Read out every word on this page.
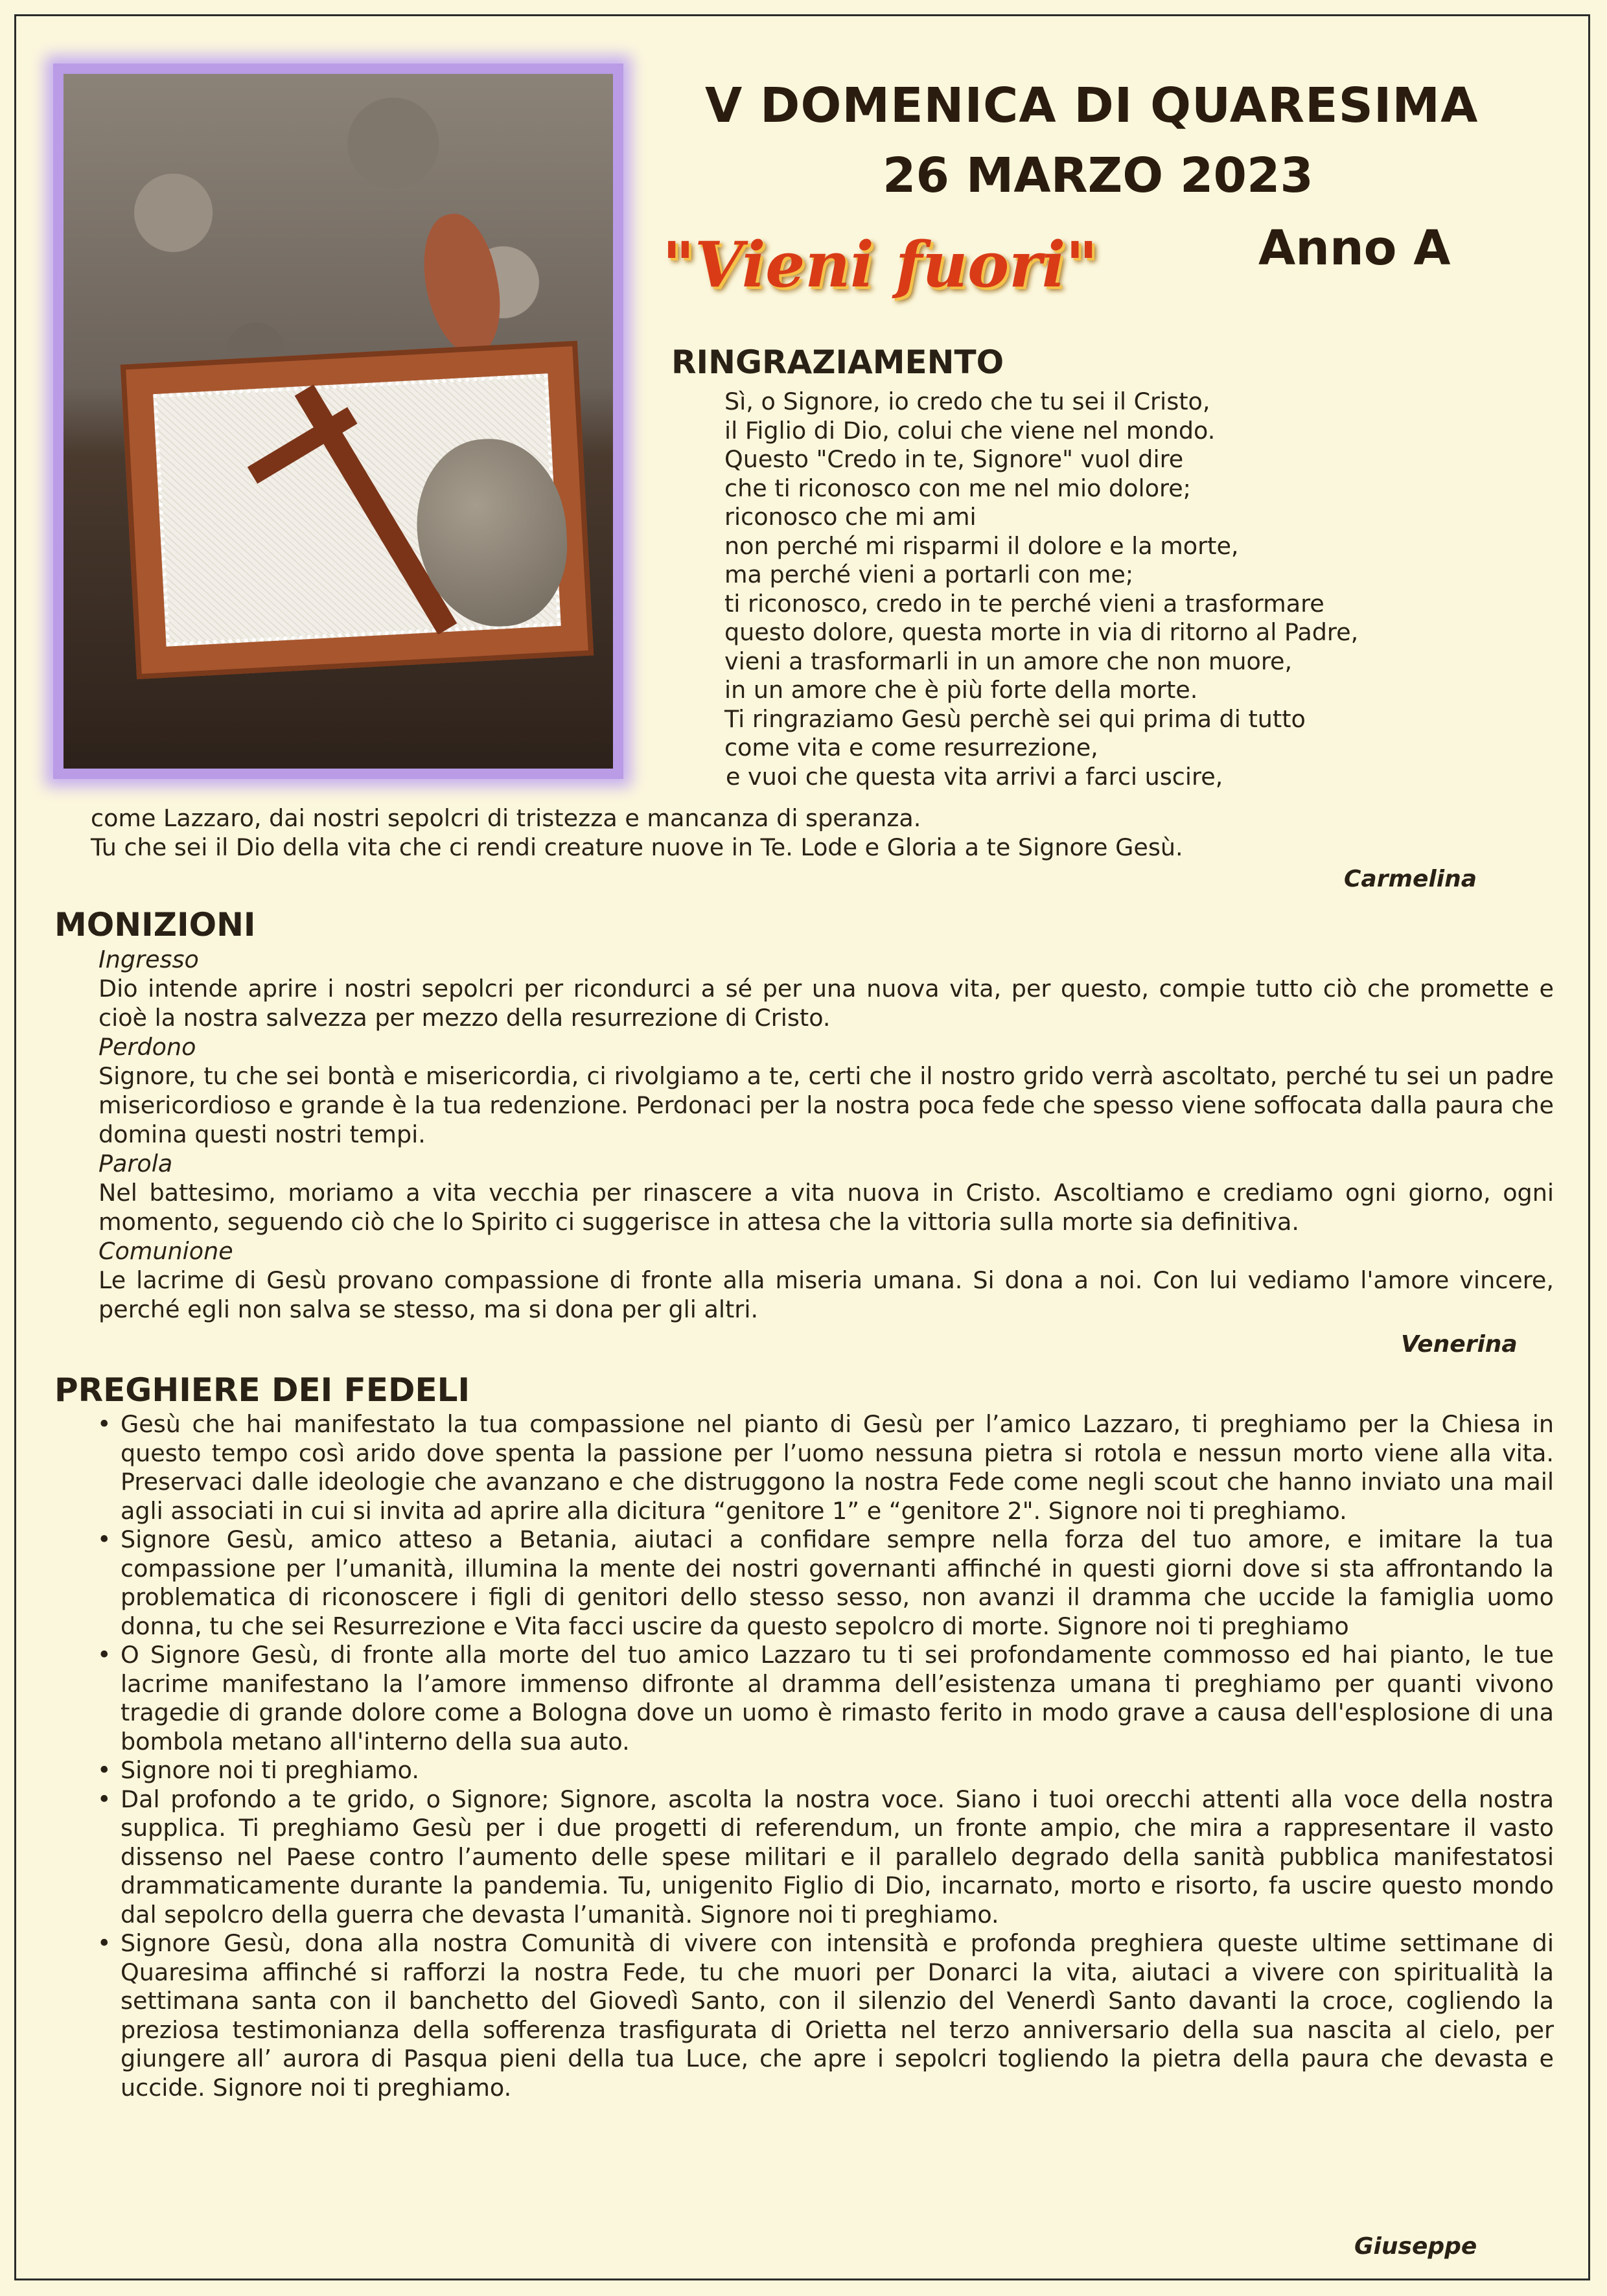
V DOMENICA DI QUARESIMA
26 MARZO 2023
Anno A
"Vieni fuori"
RINGRAZIAMENTO
Sì, o Signore, io credo che tu sei il Cristo,
il Figlio di Dio, colui che viene nel mondo.
Questo "Credo in te, Signore" vuol dire
che ti riconosco con me nel mio dolore;
riconosco che mi ami
non perché mi risparmi il dolore e la morte,
ma perché vieni a portarli con me;
ti riconosco, credo in te perché vieni a trasformare
questo dolore, questa morte in via di ritorno al Padre,
vieni a trasformarli in un amore che non muore,
in un amore che è più forte della morte.
Ti ringraziamo Gesù perchè sei qui prima di tutto
come vita e come resurrezione,
e vuoi che questa vita arrivi a farci uscire,
come Lazzaro, dai nostri sepolcri di tristezza e mancanza di speranza.
Tu che sei il Dio della vita che ci rendi creature nuove in Te. Lode e Gloria a te Signore Gesù.
Carmelina
MONIZIONI
Ingresso

Dio intende aprire i nostri sepolcri per ricondurci a sé per una nuova vita, per questo, compie tutto ciò che promette e cioè la nostra salvezza per mezzo della resurrezione di Cristo.

Perdono

Signore, tu che sei bontà e misericordia, ci rivolgiamo a te, certi che il nostro grido verrà ascoltato, perché tu sei un padre misericordioso e grande è la tua redenzione. Perdonaci per la nostra poca fede che spesso viene soffocata dalla paura che domina questi nostri tempi.

Parola

Nel battesimo, moriamo a vita vecchia per rinascere a vita nuova in Cristo. Ascoltiamo e crediamo ogni giorno, ogni momento, seguendo ciò che lo Spirito ci suggerisce in attesa che la vittoria sulla morte sia definitiva.

Comunione

Le lacrime di Gesù provano compassione di fronte alla miseria umana. Si dona a noi. Con lui vediamo l'amore vincere, perché egli non salva se stesso, ma si dona per gli altri.

Venerina
PREGHIERE DEI FEDELI
• Gesù che hai manifestato la tua compassione nel pianto di Gesù per l’amico Lazzaro, ti preghiamo per la Chiesa in questo tempo così arido dove spenta la passione per l’uomo nessuna pietra si rotola e nessun morto viene alla vita. Preservaci dalle ideologie che avanzano e che distruggono la nostra Fede come negli scout che hanno inviato una mail agli associati in cui si invita ad aprire alla dicitura “genitore 1” e “genitore 2". Signore noi ti preghiamo.
• Signore Gesù, amico atteso a Betania, aiutaci a confidare sempre nella forza del tuo amore, e imitare la tua compassione per l’umanità, illumina la mente dei nostri governanti affinché in questi giorni dove si sta affrontando la problematica di riconoscere i figli di genitori dello stesso sesso, non avanzi il dramma che uccide la famiglia uomo donna, tu che sei Resurrezione e Vita facci uscire da questo sepolcro di morte. Signore noi ti preghiamo
• O Signore Gesù, di fronte alla morte del tuo amico Lazzaro tu ti sei profondamente commosso ed hai pianto, le tue lacrime manifestano la l’amore immenso difronte al dramma dell’esistenza umana ti preghiamo per quanti vivono tragedie di grande dolore come a Bologna dove un uomo è rimasto ferito in modo grave a causa dell'esplosione di una bombola metano all'interno della sua auto.
• Signore noi ti preghiamo.
• Dal profondo a te grido, o Signore; Signore, ascolta la nostra voce. Siano i tuoi orecchi attenti alla voce della nostra supplica. Ti preghiamo Gesù per i due progetti di referendum, un fronte ampio, che mira a rappresentare il vasto dissenso nel Paese contro l’aumento delle spese militari e il parallelo degrado della sanità pubblica manifestatosi drammaticamente durante la pandemia. Tu, unigenito Figlio di Dio, incarnato, morto e risorto, fa uscire questo mondo dal sepolcro della guerra che devasta l’umanità. Signore noi ti preghiamo.
• Signore Gesù, dona alla nostra Comunità di vivere con intensità e profonda preghiera queste ultime settimane di Quaresima affinché si rafforzi la nostra Fede, tu che muori per Donarci la vita, aiutaci a vivere con spiritualità la settimana santa con il banchetto del Giovedì Santo, con il silenzio del Venerdì Santo davanti la croce, cogliendo la preziosa testimonianza della sofferenza trasfigurata di Orietta nel terzo anniversario della sua nascita al cielo, per giungere all’ aurora di Pasqua pieni della tua Luce, che apre i sepolcri togliendo la pietra della paura che devasta e uccide. Signore noi ti preghiamo.
Giuseppe
